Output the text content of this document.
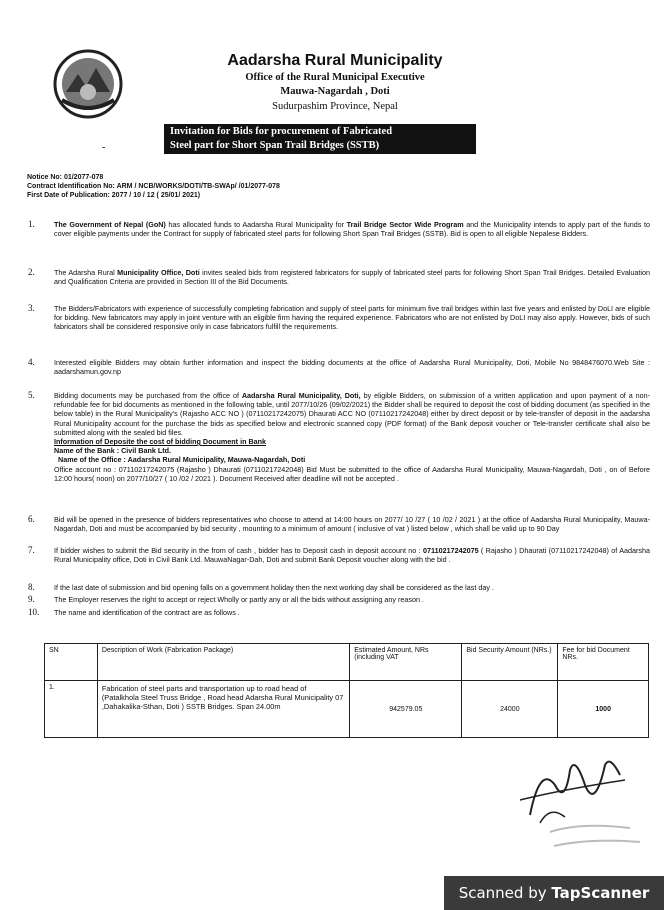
Aadarsha Rural Municipality
Office of the Rural Municipal Executive
Mauwa-Nagardah , Doti
Sudurpashim Province, Nepal
Invitation for Bids for procurement of Fabricated
Steel part for Short Span Trail Bridges (SSTB)
-
Notice No: 01/2077-078
Contract Identification No: ARM / NCB/WORKS/DOTI/TB-SWAp/ /01/2077-078
First Date of Publication: 2077 / 10 / 12 ( 25/01/ 2021)
1.	The Government of Nepal (GoN) has allocated funds to Aadarsha Rural Municipality for Trail Bridge Sector Wide Program and the Municipality intends to apply part of the funds to cover eligible payments under the Contract for supply of fabricated steel parts for following Short Span Trail Bridges (SSTB). Bid is open to all eligible Nepalese Bidders.
2.	The Adarsha Rural Municipality Office, Doti invites sealed bids from registered fabricators for supply of fabricated steel parts for following Short Span Trail Bridges. Detailed Evaluation and Qualification Criteria are provided in Section III of the Bid Documents.
3.	The Bidders/Fabricators with experience of successfully completing fabrication and supply of steel parts for minimum five trail bridges within last five years and enlisted by DoLI are eligible for bidding. New fabricators may apply in joint venture with an eligible firm having the required experience. Fabricators who are not enlisted by DoLI may also apply. However, bids of such fabricators shall be considered responsive only in case fabricators fulfill the requirements.
4.	Interested eligible Bidders may obtain further information and inspect the bidding documents at the office of Aadarsha Rural Municipality, Doti, Mobile No 9848476070.Web Site : aadarshamun.gov.np
5.	Bidding documents may be purchased from the office of Aadarsha Rural Municipality, Doti, by eligible Bidders, on submission of a written application and upon payment of a non-refundable fee for bid documents as mentioned in the following table, until 2077/10/26 (09/02/2021) the Bidder shall be required to deposit the cost of bidding document (as specified in the below table) in the Rural Municipality's (Rajasho ACC NO ) (07110217242075) Dhaurati ACC NO (07110217242048) either by direct deposit or by tele-transfer of deposit in the aadarsha Rural Municipality account for the purchase the bids as specified below and electronic scanned copy (PDF format) of the Bank deposit voucher or Tele-transfer certificate shall also be submitted along with the sealed bid files.
Information of Deposite the cost of bidding Document in Bank
Name of the Bank : Civil Bank Ltd.
Name of the Office : Aadarsha Rural Municipality, Mauwa-Nagardah, Doti
Office account no : 07110217242075 (Rajasho ) Dhaurati (07110217242048) Bid Must be submitted to the office of Aadarsha Rural Municipality, Mauwa-Nagardah, Doti , on of Before 12:00 hours( noon) on 2077/10/27 ( 10 /02 / 2021 ). Document Received after deadline will not be accepted .
6.	Bid will be opened in the presence of bidders representatives who choose to attend at 14:00 hours on 2077/ 10 /27 ( 10 /02 / 2021 ) at the office of Aadarsha Rural Municipality, Mauwa-Nagardah, Doti and must be accompanied by bid security , mounting to a minimum of amount ( inclusive of vat ) listed below , which shall be valid up to 90 Day
7.	If bidder wishes to submit the Bid security in the from of cash , bidder has to Deposit cash in deposit account no : 07110217242075 ( Rajasho ) Dhaurati (07110217242048) of Aadarsha Rural Municipality office, Doti in Civil Bank Ltd. MauwaNagar-Dah, Doti and submit Bank Deposit voucher along with the bid .
8.	If the last date of submission and bid opening falls on a government holiday then the next working day shall be considered as the last day .
9.	The Employer reserves the right to accept or reject Wholly or partly any or all the bids without assigning any reason .
10. The name and identification of the contract are as follows .
SN	Description of Work (Fabrication Package)	Estimated Amount, NRs (including VAT	Bid Security Amount (NRs.)	Fee for bid Document NRs.
1.	Fabrication of steel parts and transportation up to road head of (Patalkhola Steel Truss Bridge , Road head Adarsha Rural Municipality 07 ,Dahakalika-Sthan, Doti ) SSTB Bridges. Span 24.00m	942579.05	24000	1000
Scanned by TapScanner
